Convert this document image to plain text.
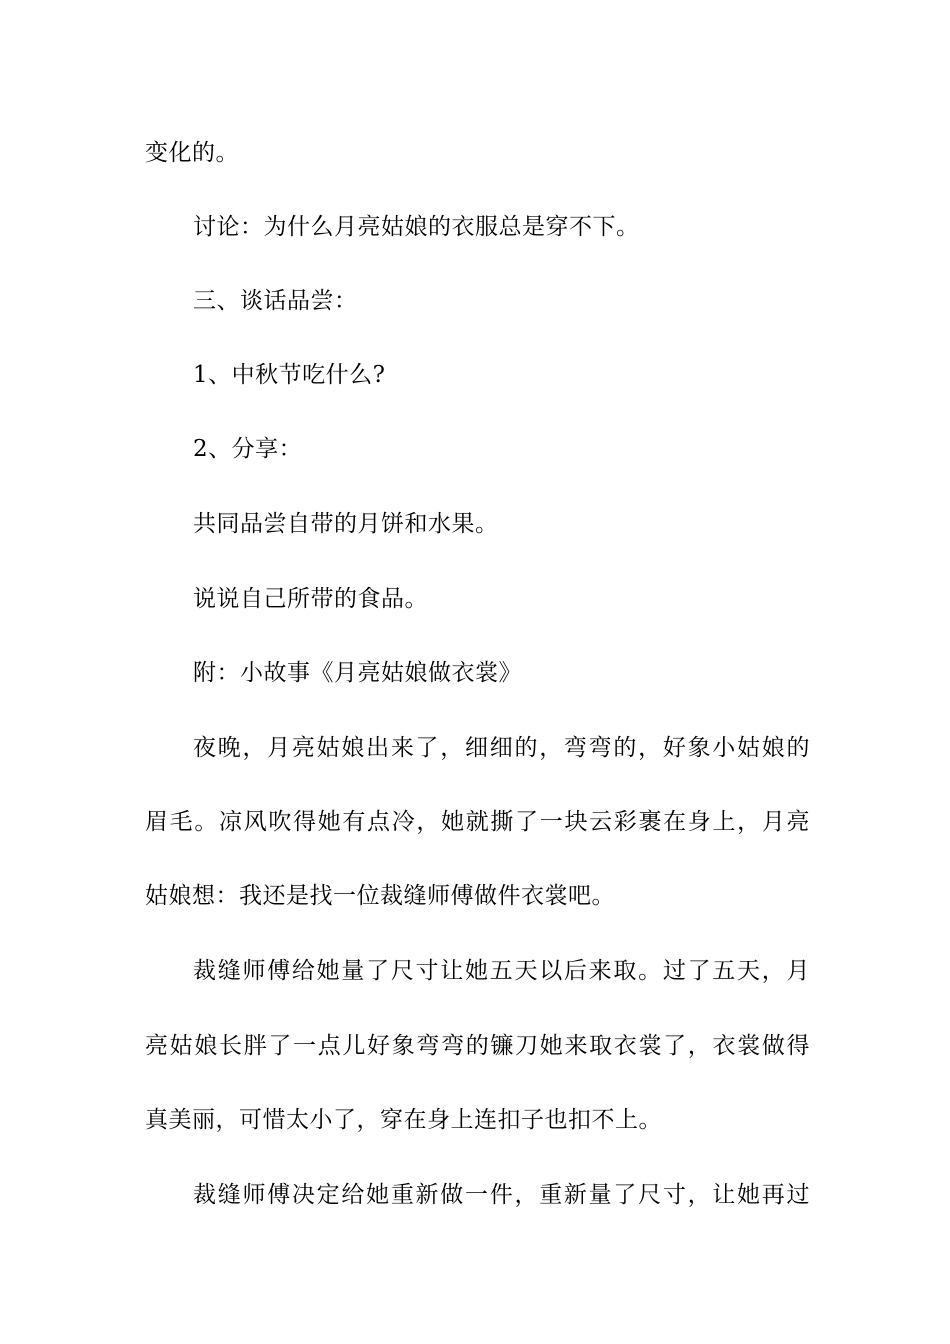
变化的。
讨论：为什么月亮姑娘的衣服总是穿不下。
三、谈话品尝：
1、中秋节吃什么?
2、分享：
共同品尝自带的月饼和水果。
说说自己所带的食品。
附：小故事《月亮姑娘做衣裳》
夜晚，月亮姑娘出来了，细细的，弯弯的，好象小姑娘的
眉毛。凉风吹得她有点冷，她就撕了一块云彩裹在身上，月亮
姑娘想：我还是找一位裁缝师傅做件衣裳吧。
裁缝师傅给她量了尺寸让她五天以后来取。过了五天，月
亮姑娘长胖了一点儿好象弯弯的镰刀她来取衣裳了，衣裳做得
真美丽，可惜太小了，穿在身上连扣子也扣不上。
裁缝师傅决定给她重新做一件，重新量了尺寸，让她再过
